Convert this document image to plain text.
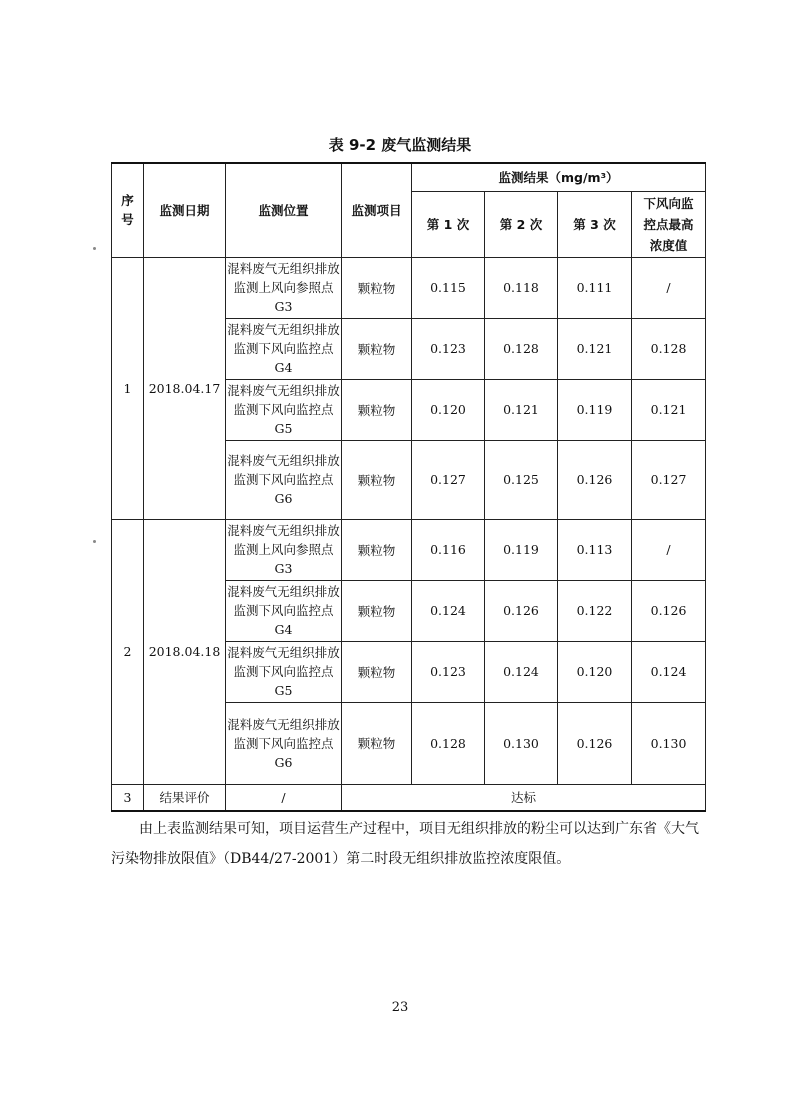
表 9-2 废气监测结果
序号	监测日期	监测位置	监测项目	监测结果（mg/m³）			
				第 1 次	第 2 次	第 3 次	下风向监控点最高浓度值
1	2018.04.17	混料废气无组织排放监测上风向参照点 G3	颗粒物	0.115	0.118	0.111	/
		混料废气无组织排放监测下风向监控点 G4	颗粒物	0.123	0.128	0.121	0.128
		混料废气无组织排放监测下风向监控点 G5	颗粒物	0.120	0.121	0.119	0.121
		混料废气无组织排放监测下风向监控点 G6	颗粒物	0.127	0.125	0.126	0.127
2	2018.04.18	混料废气无组织排放监测上风向参照点 G3	颗粒物	0.116	0.119	0.113	/
		混料废气无组织排放监测下风向监控点 G4	颗粒物	0.124	0.126	0.122	0.126
		混料废气无组织排放监测下风向监控点 G5	颗粒物	0.123	0.124	0.120	0.124
		混料废气无组织排放监测下风向监控点 G6	颗粒物	0.128	0.130	0.126	0.130
3	结果评价	/	达标				
由上表监测结果可知，项目运营生产过程中，项目无组织排放的粉尘可以达到广东省《大气污染物排放限值》（DB44/27-2001）第二时段无组织排放监控浓度限值。
23
